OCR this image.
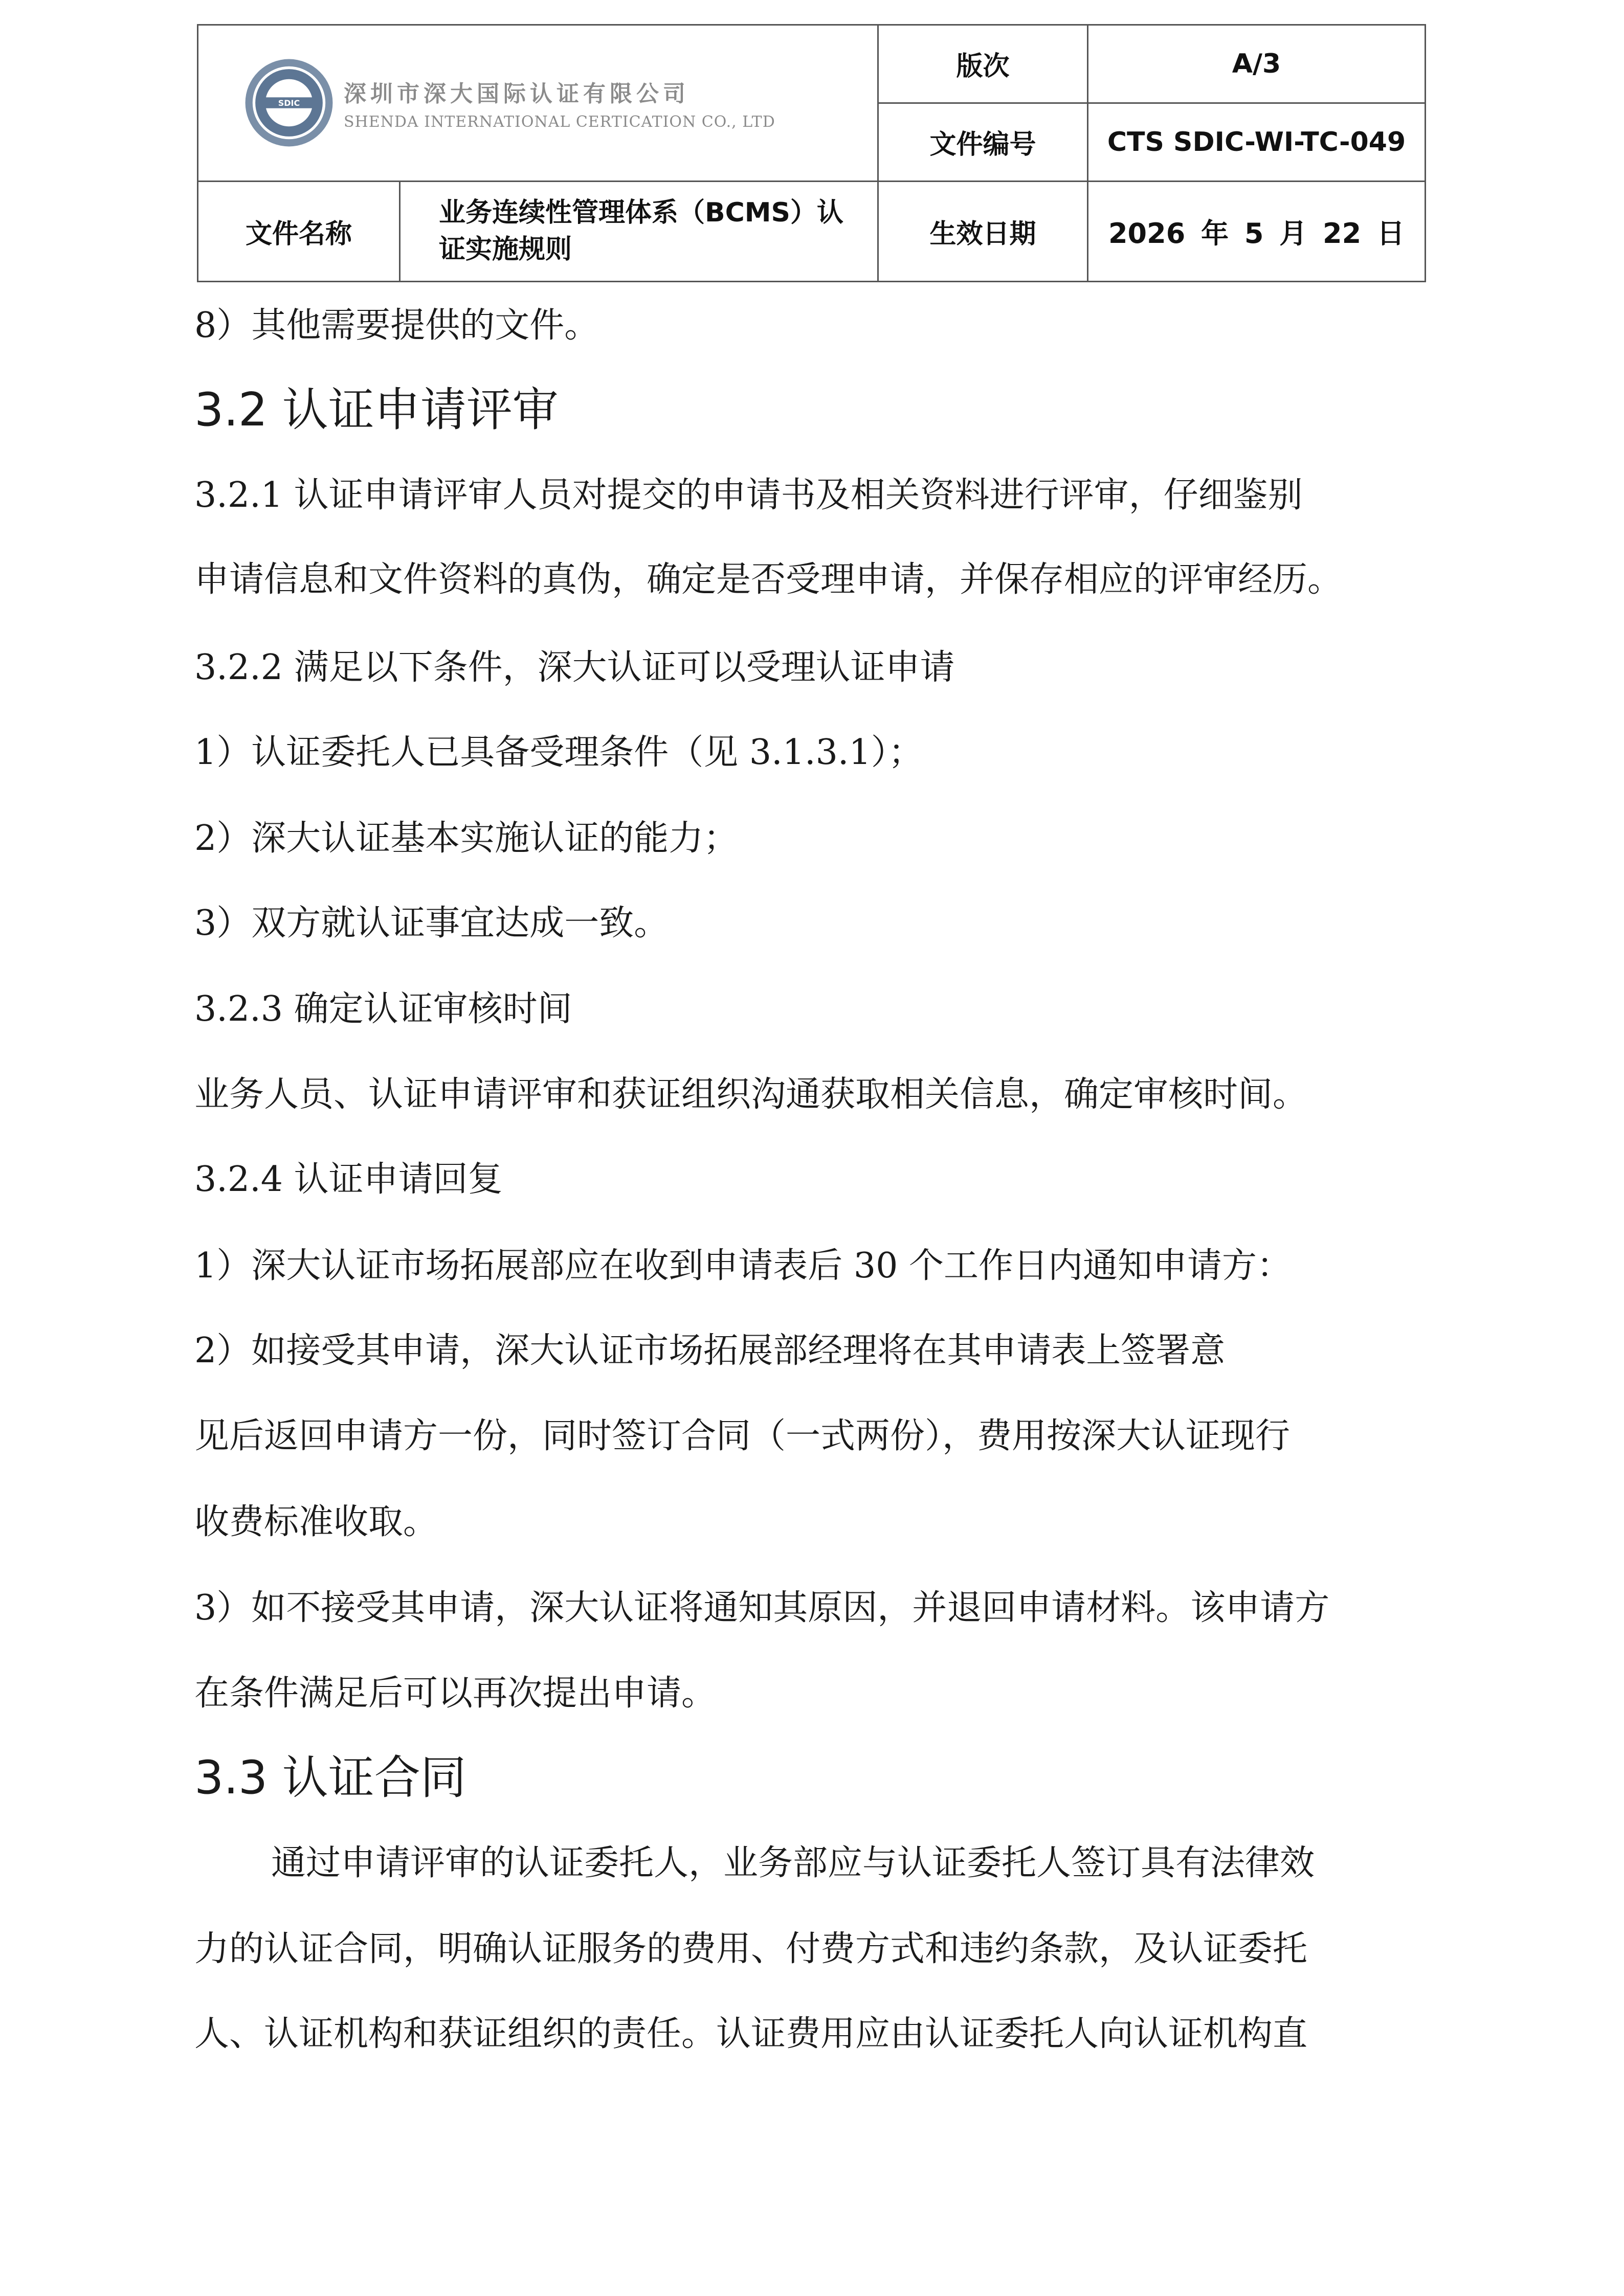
SDIC 深圳市深大国际认证有限公司
SHENDA INTERNATIONAL CERTICATION CO., LTD		版次	A/3
		文件编号	CTS SDIC-WI-TC-049
文件名称	业务连续性管理体系（BCMS）认证实施规则	生效日期	2026 年 5 月 22 日
8）其他需要提供的文件。
3.2 认证申请评审
3.2.1 认证申请评审人员对提交的申请书及相关资料进行评审，仔细鉴别
申请信息和文件资料的真伪，确定是否受理申请，并保存相应的评审经历。
3.2.2 满足以下条件，深大认证可以受理认证申请
1）认证委托人已具备受理条件（见 3.1.3.1）；
2）深大认证基本实施认证的能力；
3）双方就认证事宜达成一致。
3.2.3 确定认证审核时间
业务人员、认证申请评审和获证组织沟通获取相关信息，确定审核时间。
3.2.4 认证申请回复
1）深大认证市场拓展部应在收到申请表后 30 个工作日内通知申请方：
2）如接受其申请，深大认证市场拓展部经理将在其申请表上签署意
见后返回申请方一份，同时签订合同（一式两份），费用按深大认证现行
收费标准收取。
3）如不接受其申请，深大认证将通知其原因，并退回申请材料。该申请方
在条件满足后可以再次提出申请。
3.3 认证合同
通过申请评审的认证委托人，业务部应与认证委托人签订具有法律效
力的认证合同，明确认证服务的费用、付费方式和违约条款，及认证委托
人、认证机构和获证组织的责任。认证费用应由认证委托人向认证机构直
